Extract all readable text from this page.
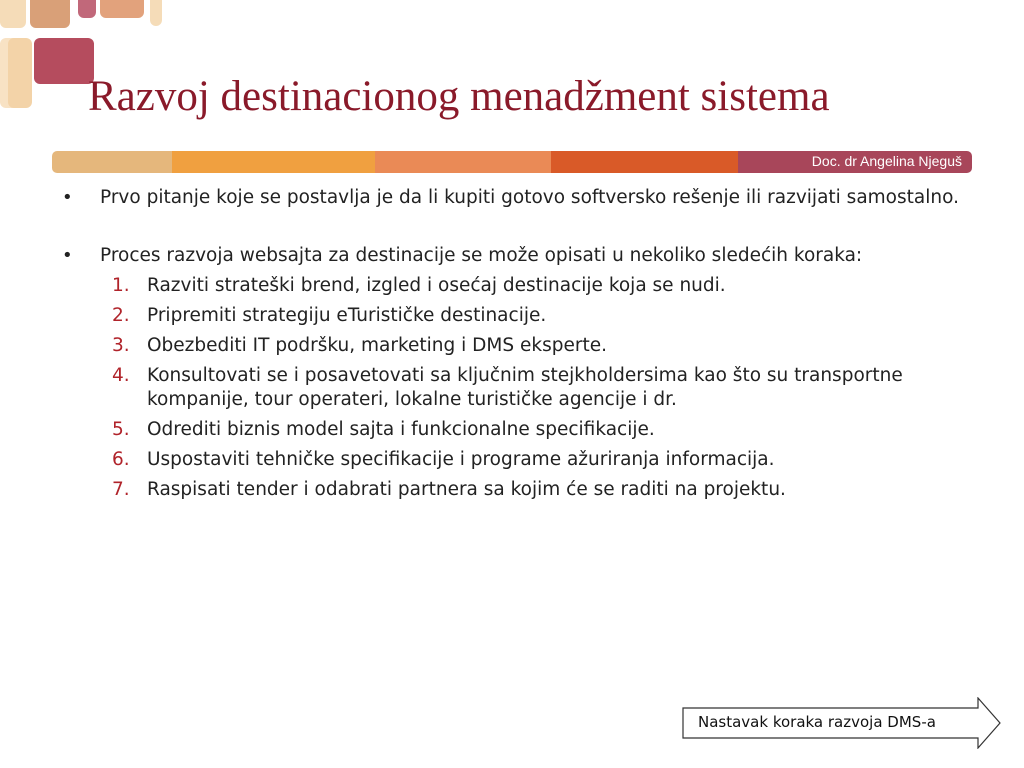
Razvoj destinacionog menadžment sistema
Doc. dr Angelina Njeguš
• Prvo pitanje koje se postavlja je da li kupiti gotovo softversko rešenje ili razvijati samostalno.
• Proces razvoja websajta za destinacije se može opisati u nekoliko sledećih koraka:
1. Razviti strateški brend, izgled i osećaj destinacije koja se nudi.
2. Pripremiti strategiju eTurističke destinacije.
3. Obezbediti IT podršku, marketing i DMS eksperte.
4. Konsultovati se i posavetovati sa ključnim stejkholdersima kao što su transportne kompanije, tour operateri, lokalne turističke agencije i dr.
5. Odrediti biznis model sajta i funkcionalne specifikacije.
6. Uspostaviti tehničke specifikacije i programe ažuriranja informacija.
7. Raspisati tender i odabrati partnera sa kojim će se raditi na projektu.
Nastavak koraka razvoja DMS-a
